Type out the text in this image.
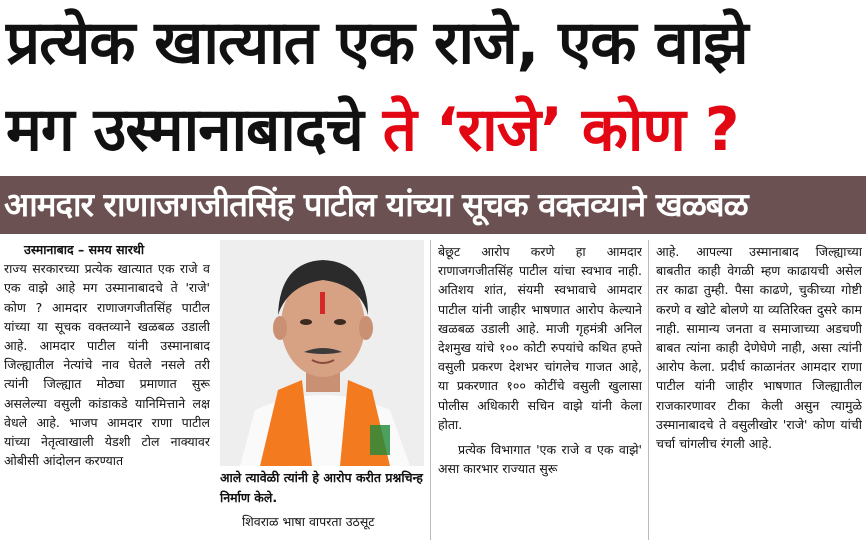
प्रत्येक खात्यात एक राजे, एक वाझे
मग उस्मानाबादचे ते ‘राजे’ कोण ?
आमदार राणाजगजीतसिंह पाटील यांच्या सूचक वक्तव्याने खळबळ

उस्मानाबाद – समय सारथी

राज्य सरकारच्या प्रत्येक खात्यात एक राजे व एक वाझे आहे मग उस्मानाबादचे ते 'राजे' कोण ? आमदार राणाजगजीतसिंह पाटील यांच्या या सूचक वक्तव्याने खळबळ उडाली आहे. आमदार पाटील यांनी उस्मानाबाद जिल्ह्यातील नेत्यांचे नाव घेतले नसले तरी त्यांनी जिल्ह्यात मोठ्या प्रमाणात सुरू असलेल्या वसुली कांडाकडे यानिमित्ताने लक्ष वेधले आहे. भाजप आमदार राणा पाटील यांच्या नेतृत्वाखाली येडशी टोल नाक्यावर ओबीसी आंदोलन करण्यात

आले त्यावेळी त्यांनी हे आरोप करीत प्रश्नचिन्ह निर्माण केले.
शिवराळ भाषा वापरता उठसूट

बेछूट आरोप करणे हा आमदार राणाजगजीतसिंह पाटील यांचा स्वभाव नाही. अतिशय शांत, संयमी स्वभावाचे आमदार पाटील यांनी जाहीर भाषणात आरोप केल्याने खळबळ उडाली आहे. माजी गृहमंत्री अनिल देशमुख यांचे १०० कोटी रुपयांचे कथित हफ्ते वसुली प्रकरण देशभर चांगलेच गाजत आहे, या प्रकरणात १०० कोटींचे वसुली खुलासा पोलीस अधिकारी सचिन वाझे यांनी केला होता.

प्रत्येक विभागात 'एक राजे व एक वाझे' असा कारभार राज्यात सुरू

आहे. आपल्या उस्मानाबाद जिल्ह्याच्या बाबतीत काही वेगळी म्हण काढायची असेल तर काढा तुम्ही. पैसा काढणे, चुकीच्या गोष्टी करणे व खोटे बोलणे या व्यतिरिक्त दुसरे काम नाही. सामान्य जनता व समाजाच्या अडचणी बाबत त्यांना काही देणेघेणे नाही, असा त्यांनी आरोप केला. प्रदीर्घ काळानंतर आमदार राणा पाटील यांनी जाहीर भाषणात जिल्ह्यातील राजकारणावर टीका केली असुन त्यामुळे उस्मानाबादचे ते वसुलीखोर 'राजे' कोण यांची चर्चा चांगलीच रंगली आहे.
